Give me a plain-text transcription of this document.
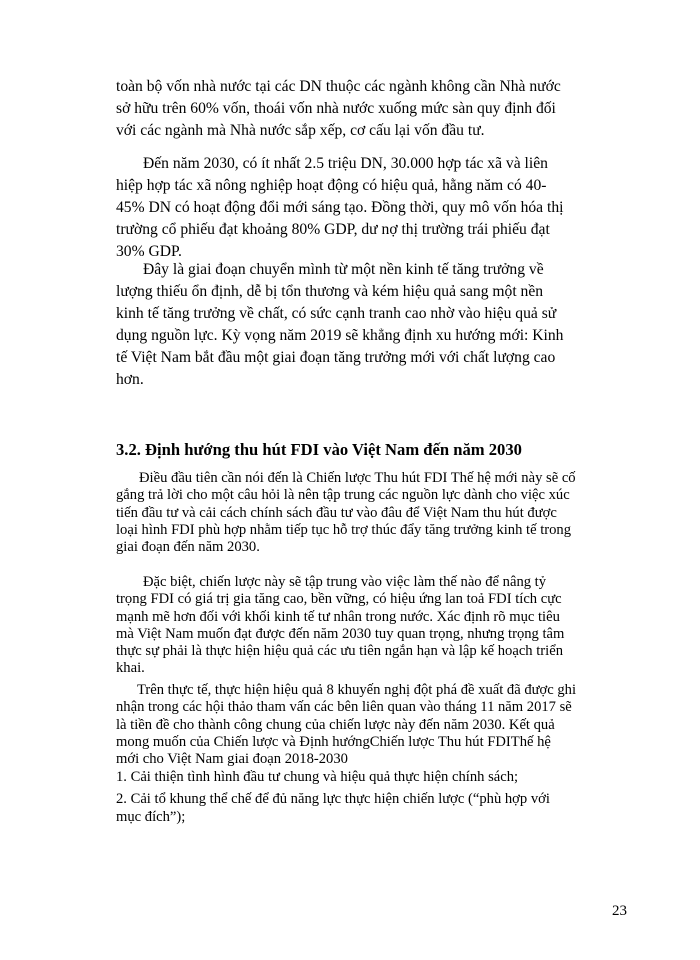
toàn bộ vốn nhà nước tại các DN thuộc các ngành không cần Nhà nước
sở hữu trên 60% vốn, thoái vốn nhà nước xuống mức sàn quy định đối
với các ngành mà Nhà nước sắp xếp, cơ cấu lại vốn đầu tư.
Đến năm 2030, có ít nhất 2.5 triệu DN, 30.000 hợp tác xã và liên
hiệp hợp tác xã nông nghiệp hoạt động có hiệu quả, hằng năm có 40-
45% DN có hoạt động đổi mới sáng tạo. Đồng thời, quy mô vốn hóa thị
trường cổ phiếu đạt khoảng 80% GDP, dư nợ thị trường trái phiếu đạt
30% GDP.
Đây là giai đoạn chuyển mình từ một nền kinh tế tăng trưởng về
lượng thiếu ổn định, dễ bị tổn thương và kém hiệu quả sang một nền
kinh tế tăng trưởng về chất, có sức cạnh tranh cao nhờ vào hiệu quả sử
dụng nguồn lực. Kỳ vọng năm 2019 sẽ khẳng định xu hướng mới: Kinh
tế Việt Nam bắt đầu một giai đoạn tăng trưởng mới với chất lượng cao
hơn.
3.2. Định hướng thu hút FDI vào Việt Nam đến năm 2030
Điều đầu tiên cần nói đến là Chiến lược Thu hút FDI Thế hệ mới này sẽ cố
gắng trả lời cho một câu hỏi là nên tập trung các nguồn lực dành cho việc xúc
tiến đầu tư và cải cách chính sách đầu tư vào đâu để Việt Nam thu hút được
loại hình FDI phù hợp nhằm tiếp tục hỗ trợ thúc đẩy tăng trưởng kinh tế trong
giai đoạn đến năm 2030.
Đặc biệt, chiến lược này sẽ tập trung vào việc làm thế nào để nâng tỷ
trọng FDI có giá trị gia tăng cao, bền vững, có hiệu ứng lan toả FDI tích cực
mạnh mẽ hơn đối với khối kinh tế tư nhân trong nước. Xác định rõ mục tiêu
mà Việt Nam muốn đạt được đến năm 2030 tuy quan trọng, nhưng trọng tâm
thực sự phải là thực hiện hiệu quả các ưu tiên ngắn hạn và lập kế hoạch triển
khai.
Trên thực tế, thực hiện hiệu quả 8 khuyến nghị đột phá đề xuất đã được ghi
nhận trong các hội thảo tham vấn các bên liên quan vào tháng 11 năm 2017 sẽ
là tiền đề cho thành công chung của chiến lược này đến năm 2030. Kết quả
mong muốn của Chiến lược và Định hướngChiến lược Thu hút FDIThế hệ
mới cho Việt Nam giai đoạn 2018-2030
1. Cải thiện tình hình đầu tư chung và hiệu quả thực hiện chính sách;
2. Cải tổ khung thể chế để đủ năng lực thực hiện chiến lược (“phù hợp với
mục đích”);
23
